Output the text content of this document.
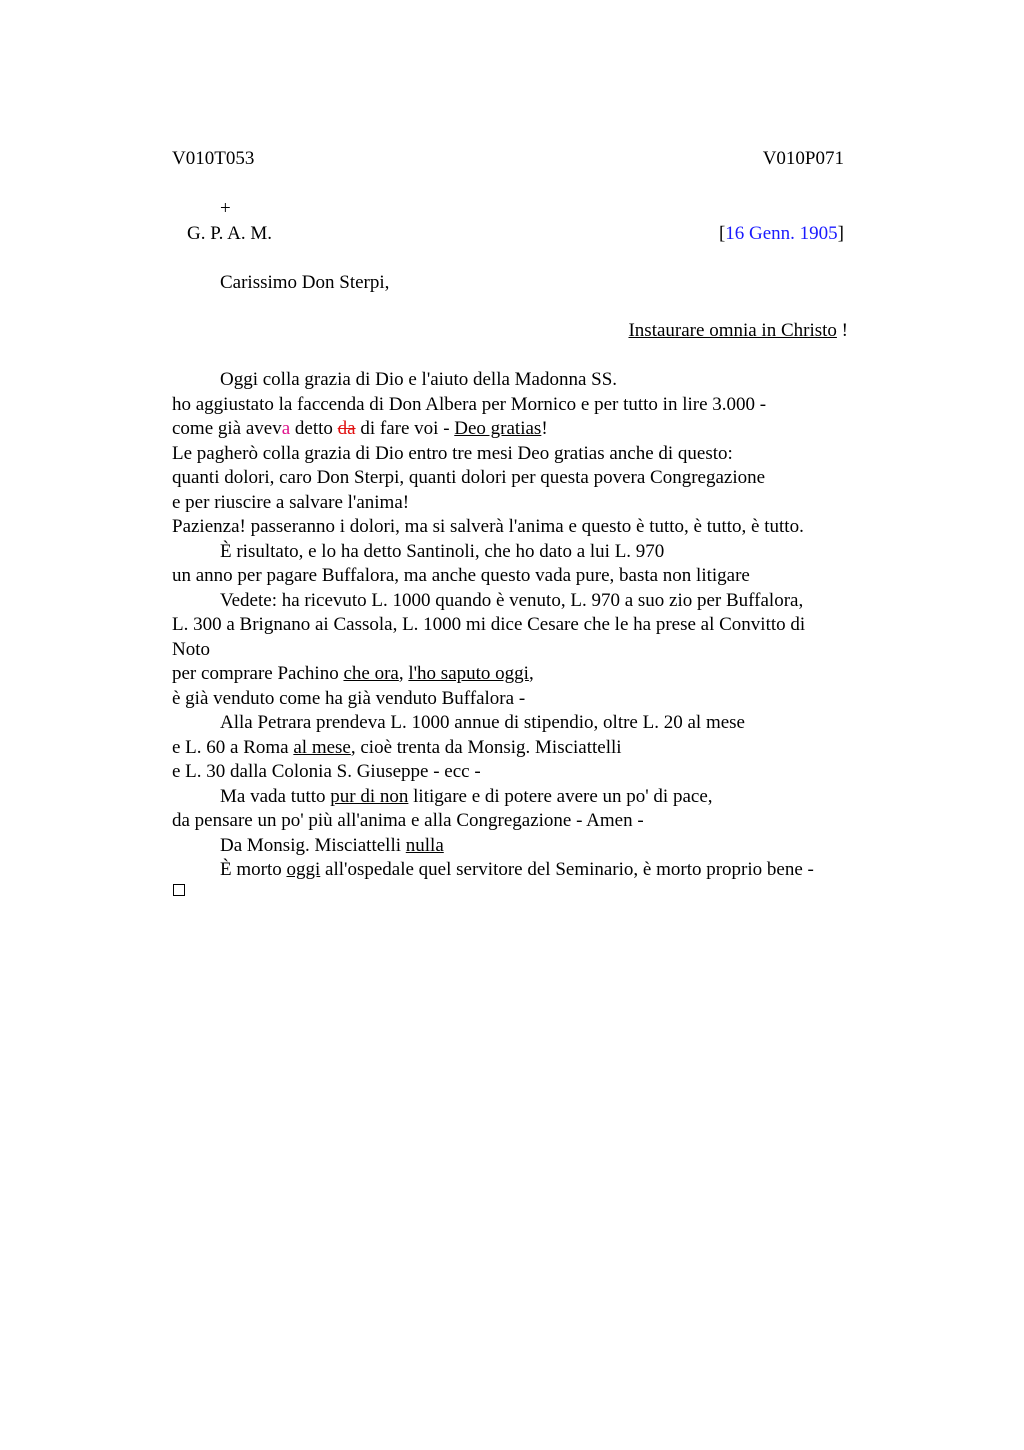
V010T053	V010P071
+
G. P. A. M.	[16 Genn. 1905]
Carissimo Don Sterpi,
Instaurare omnia in Christo !
Oggi colla grazia di Dio e l'aiuto della Madonna SS.
ho aggiustato la faccenda di Don Albera per Mornico e per tutto in lire 3.000 -
come già aveva detto da di fare voi - Deo gratias!
Le pagherò colla grazia di Dio entro tre mesi Deo gratias anche di questo:
quanti dolori, caro Don Sterpi, quanti dolori per questa povera Congregazione
e per riuscire a salvare l'anima!
Pazienza! passeranno i dolori, ma si salverà l'anima e questo è tutto, è tutto, è tutto.
È risultato, e lo ha detto Santinoli, che ho dato a lui L. 970
un anno per pagare Buffalora, ma anche questo vada pure, basta non litigare
Vedete: ha ricevuto L. 1000 quando è venuto, L. 970 a suo zio per Buffalora,
L. 300 a Brignano ai Cassola, L. 1000 mi dice Cesare che le ha prese al Convitto di
Noto
per comprare Pachino che ora, l'ho saputo oggi,
è già venduto come ha già venduto Buffalora -
Alla Petrara prendeva L. 1000 annue di stipendio, oltre L. 20 al mese
e L. 60 a Roma al mese, cioè trenta da Monsig. Misciattelli
e L. 30 dalla Colonia S. Giuseppe - ecc -
Ma vada tutto pur di non litigare e di potere avere un po' di pace,
da pensare un po' più all'anima e alla Congregazione - Amen -
Da Monsig. Misciattelli nulla
È morto oggi all'ospedale quel servitore del Seminario, è morto proprio bene -
